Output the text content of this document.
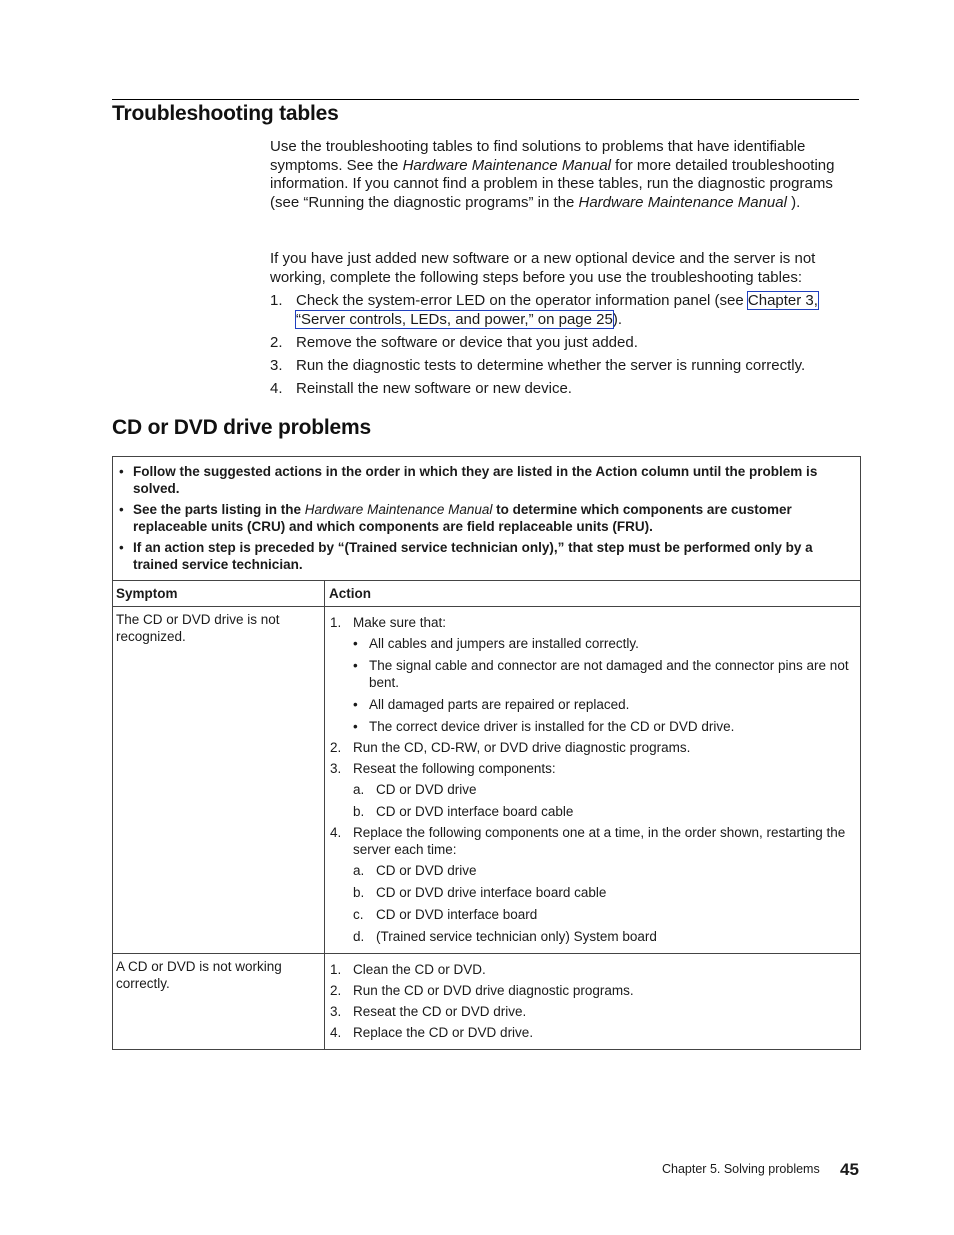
Troubleshooting tables

Use the troubleshooting tables to find solutions to problems that have identifiable symptoms. See the Hardware Maintenance Manual for more detailed troubleshooting information. If you cannot find a problem in these tables, run the diagnostic programs (see “Running the diagnostic programs” in the Hardware Maintenance Manual ).

If you have just added new software or a new optional device and the server is not working, complete the following steps before you use the troubleshooting tables:

1. Check the system-error LED on the operator information panel (see Chapter 3, “Server controls, LEDs, and power,” on page 25).
2. Remove the software or device that you just added.
3. Run the diagnostic tests to determine whether the server is running correctly.
4. Reinstall the new software or new device.
CD or DVD drive problems
• Follow the suggested actions in the order in which they are listed in the Action column until the problem is solved.
• See the parts listing in the Hardware Maintenance Manual to determine which components are customer replaceable units (CRU) and which components are field replaceable units (FRU).
• If an action step is preceded by “(Trained service technician only),” that step must be performed only by a trained service technician.
Symptom	Action
The CD or DVD drive is not recognized.
1. Make sure that:
• All cables and jumpers are installed correctly.
• The signal cable and connector are not damaged and the connector pins are not bent.
• All damaged parts are repaired or replaced.
• The correct device driver is installed for the CD or DVD drive.
2. Run the CD, CD-RW, or DVD drive diagnostic programs.
3. Reseat the following components:
a. CD or DVD drive
b. CD or DVD interface board cable
4. Replace the following components one at a time, in the order shown, restarting the server each time:
a. CD or DVD drive
b. CD or DVD drive interface board cable
c. CD or DVD interface board
d. (Trained service technician only) System board
A CD or DVD is not working correctly.
1. Clean the CD or DVD.
2. Run the CD or DVD drive diagnostic programs.
3. Reseat the CD or DVD drive.
4. Replace the CD or DVD drive.
Chapter 5. Solving problems 45
